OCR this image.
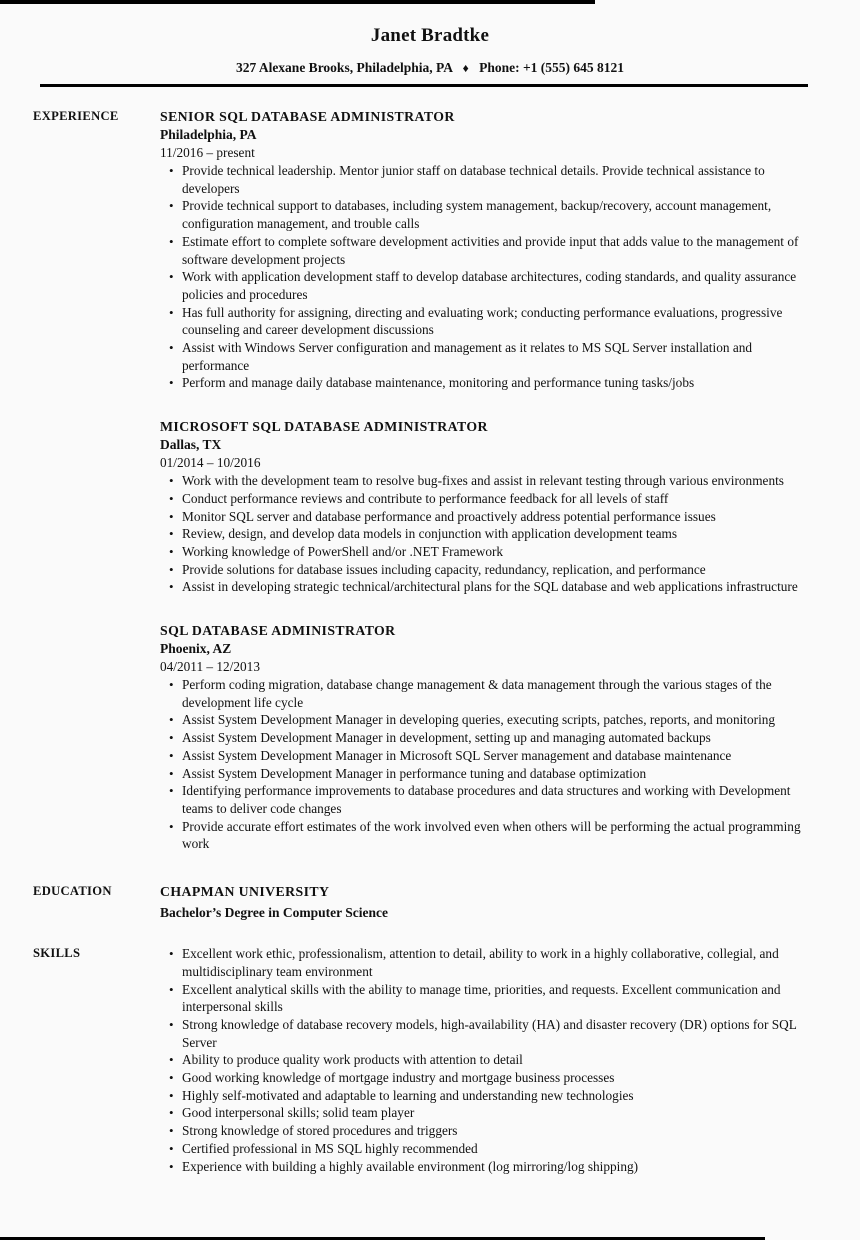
Janet Bradtke
327 Alexane Brooks, Philadelphia, PA ♦ Phone: +1 (555) 645 8121
EXPERIENCE	SENIOR SQL DATABASE ADMINISTRATOR
Philadelphia, PA
11/2016 – present
• Provide technical leadership. Mentor junior staff on database technical details. Provide technical assistance to developers
• Provide technical support to databases, including system management, backup/recovery, account management, configuration management, and trouble calls
• Estimate effort to complete software development activities and provide input that adds value to the management of software development projects
• Work with application development staff to develop database architectures, coding standards, and quality assurance policies and procedures
• Has full authority for assigning, directing and evaluating work; conducting performance evaluations, progressive counseling and career development discussions
• Assist with Windows Server configuration and management as it relates to MS SQL Server installation and performance
• Perform and manage daily database maintenance, monitoring and performance tuning tasks/jobs
MICROSOFT SQL DATABASE ADMINISTRATOR
Dallas, TX
01/2014 – 10/2016
• Work with the development team to resolve bug-fixes and assist in relevant testing through various environments
• Conduct performance reviews and contribute to performance feedback for all levels of staff
• Monitor SQL server and database performance and proactively address potential performance issues
• Review, design, and develop data models in conjunction with application development teams
• Working knowledge of PowerShell and/or .NET Framework
• Provide solutions for database issues including capacity, redundancy, replication, and performance
• Assist in developing strategic technical/architectural plans for the SQL database and web applications infrastructure
SQL DATABASE ADMINISTRATOR
Phoenix, AZ
04/2011 – 12/2013
• Perform coding migration, database change management & data management through the various stages of the development life cycle
• Assist System Development Manager in developing queries, executing scripts, patches, reports, and monitoring
• Assist System Development Manager in development, setting up and managing automated backups
• Assist System Development Manager in Microsoft SQL Server management and database maintenance
• Assist System Development Manager in performance tuning and database optimization
• Identifying performance improvements to database procedures and data structures and working with Development teams to deliver code changes
• Provide accurate effort estimates of the work involved even when others will be performing the actual programming work
EDUCATION	CHAPMAN UNIVERSITY
Bachelor’s Degree in Computer Science
SKILLS	• Excellent work ethic, professionalism, attention to detail, ability to work in a highly collaborative, collegial, and multidisciplinary team environment
• Excellent analytical skills with the ability to manage time, priorities, and requests. Excellent communication and interpersonal skills
• Strong knowledge of database recovery models, high-availability (HA) and disaster recovery (DR) options for SQL Server
• Ability to produce quality work products with attention to detail
• Good working knowledge of mortgage industry and mortgage business processes
• Highly self-motivated and adaptable to learning and understanding new technologies
• Good interpersonal skills; solid team player
• Strong knowledge of stored procedures and triggers
• Certified professional in MS SQL highly recommended
• Experience with building a highly available environment (log mirroring/log shipping)
